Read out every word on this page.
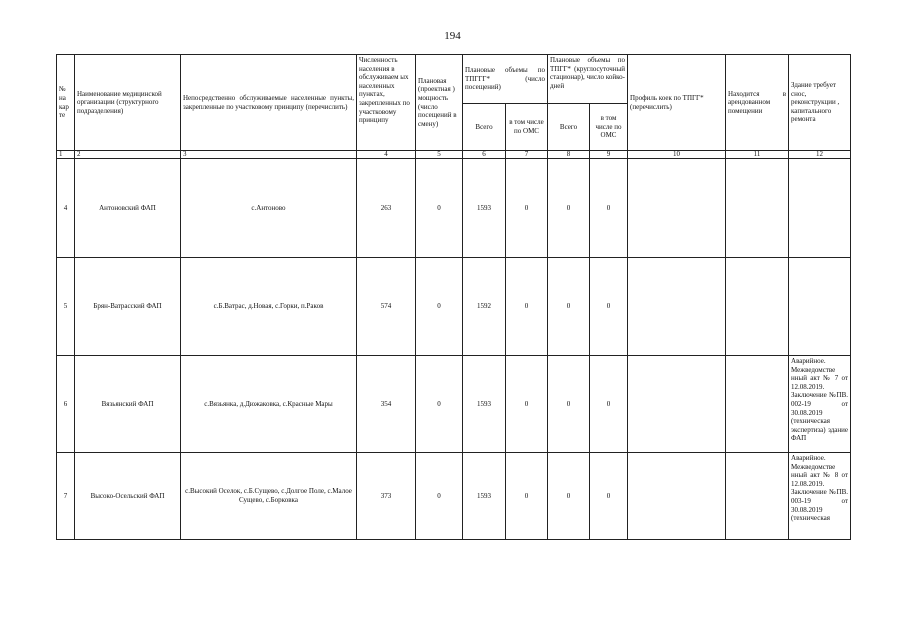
194
№ на кар те	Наименование медицинской организации (структурного подразделения)	Непосредственно обслуживаемые населенные пункты, закрепленные по участковому принципу (перечислить)	Численность населения в обслуживаем ых населенных пунктах, закрепленных по участковому принципу	Плановая (проектная ) мощность (число посещений в смену)	Плановые объемы по ТПГГГ* (число посещений)		Плановые объемы по ТПГГ* (круглосуточный стационар), число койко-дней		Профиль коек по ТПГГ* (перечислить)	Находится в арендованном помещении	Здание требует снос, реконструкции , капитального ремонта
					Всего	в том числе по ОМС	Всего	в том числе по ОМС			
1	2	3	4	5	6	7	8	9	10	11	12
4	Антоновский ФАП	с.Антоново	263	0	1593	0	0	0			
5	Брян-Ватрасский ФАП	с.Б.Ватрас, д.Новая, с.Горки, п.Раков	574	0	1592	0	0	0			
6	Вязьянский ФАП	с.Вязьянка, д.Дюжаковка, с.Красные Мары	354	0	1593	0	0	0			Аварийное. Межведомстве нный акт № 7 от 12.08.2019. Заключение №ПВ. 002-19 от 30.08.2019 (техническая экспертиза) здание ФАП

7	Высоко-Осельский ФАП	с.Высокий Оселок, с.Б.Сущево, с.Долгое Поле, с.Малое Сущево, с.Борковка	373	0	1593	0	0	0			Аварийное. Межведомстве нный акт № 8 от 12.08.2019. Заключение №ПВ. 003-19 от 30.08.2019 (техническая
